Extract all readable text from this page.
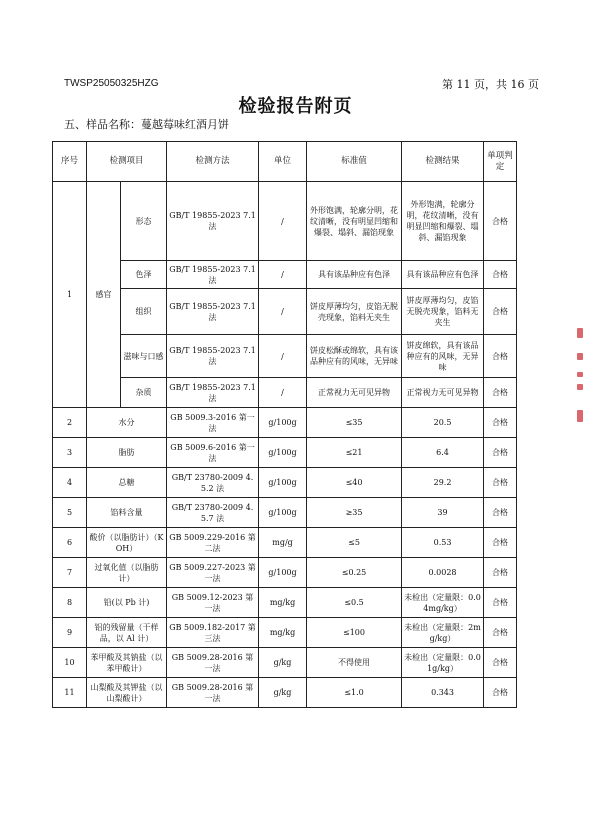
TWSP25050325HZG	第 11 页，共 16 页
检验报告附页
五、样品名称：蔓越莓味红酒月饼
序号	检测项目		检测方法	单位	标准值	检测结果	单项判定
1	感官	形态	GB/T 19855-2023 7.1 法	/	外形饱满，轮廓分明，花纹清晰，没有明显凹缩和爆裂、塌斜、漏馅现象	外形饱满，轮廓分明，花纹清晰，没有明显凹缩和爆裂、塌斜、漏馅现象	合格
		色泽	GB/T 19855-2023 7.1 法	/	具有该品种应有色泽	具有该品种应有色泽	合格
		组织	GB/T 19855-2023 7.1 法	/	饼皮厚薄均匀，皮馅无脱壳现象，馅料无夹生	饼皮厚薄均匀，皮馅无脱壳现象，馅料无夹生	合格
		滋味与口感	GB/T 19855-2023 7.1 法	/	饼皮松酥或绵软，具有该品种应有的风味，无异味	饼皮绵软，具有该品种应有的风味，无异味	合格
		杂质	GB/T 19855-2023 7.1 法	/	正常视力无可见异物	正常视力无可见异物	合格
2	水分		GB 5009.3-2016 第一法	g/100g	≤35	20.5	合格
3	脂肪		GB 5009.6-2016 第一法	g/100g	≤21	6.4	合格
4	总糖		GB/T 23780-2009 4.5.2 法	g/100g	≤40	29.2	合格
5	馅料含量		GB/T 23780-2009 4.5.7 法	g/100g	≥35	39	合格
6	酸价（以脂肪计）（KOH）		GB 5009.229-2016 第二法	mg/g	≤5	0.53	合格
7	过氧化值（以脂肪计）		GB 5009.227-2023 第一法	g/100g	≤0.25	0.0028	合格
8	铅(以 Pb 计)		GB 5009.12-2023 第一法	mg/kg	≤0.5	未检出（定量限：0.04mg/kg）	合格
9	铝的残留量（干样品，以 Al 计）		GB 5009.182-2017 第三法	mg/kg	≤100	未检出（定量限：2mg/kg）	合格
10	苯甲酸及其钠盐（以苯甲酸计）		GB 5009.28-2016 第一法	g/kg	不得使用	未检出（定量限：0.01g/kg）	合格
11	山梨酸及其钾盐（以山梨酸计）		GB 5009.28-2016 第一法	g/kg	≤1.0	0.343	合格
